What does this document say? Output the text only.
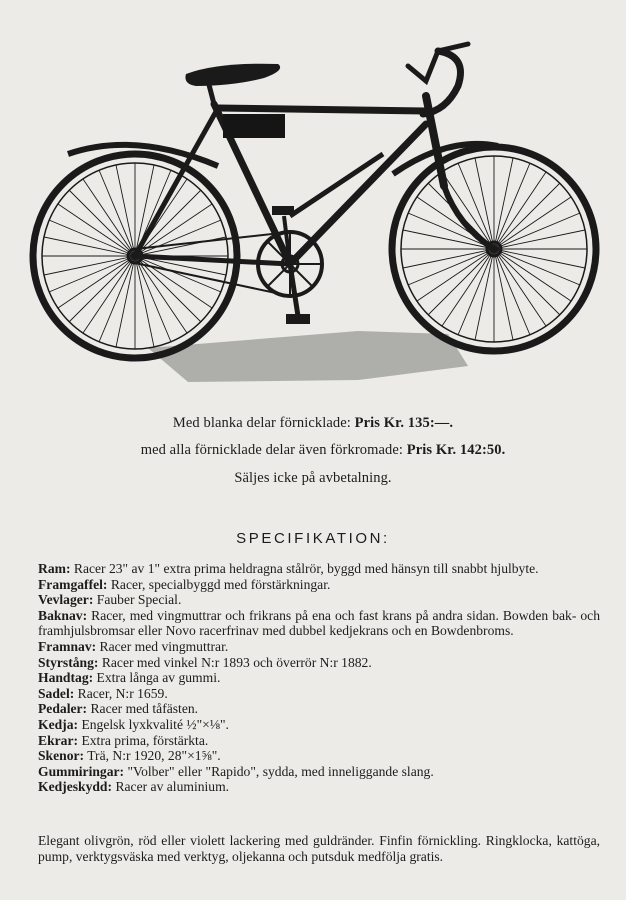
Med blanka delar förnicklade: Pris Kr. 135:—.
med alla förnicklade delar även förkromade: Pris Kr. 142:50.
Säljes icke på avbetalning.
SPECIFIKATION:
Ram: Racer 23" av 1" extra prima heldragna stålrör, byggd med hänsyn till snabbt hjulbyte.
Framgaffel: Racer, specialbyggd med förstärkningar.
Vevlager: Fauber Special.
Baknav: Racer, med vingmuttrar och frikrans på ena och fast krans på andra sidan. Bowden bak- och framhjulsbromsar eller Novo racerfrinav med dubbel kedjekrans och en Bowdenbroms.
Framnav: Racer med vingmuttrar.
Styrstång: Racer med vinkel N:r 1893 och överrör N:r 1882.
Handtag: Extra långa av gummi.
Sadel: Racer, N:r 1659.
Pedaler: Racer med tåfästen.
Kedja: Engelsk lyxkvalité ½"×⅛".
Ekrar: Extra prima, förstärkta.
Skenor: Trä, N:r 1920, 28"×1⅝".
Gummiringar: "Volber" eller "Rapido", sydda, med inneliggande slang.
Kedjeskydd: Racer av aluminium.
Elegant olivgrön, röd eller violett lackering med guldränder. Finfin förnickling. Ringklocka, kattöga, pump, verktygsväska med verktyg, oljekanna och putsduk medfölja gratis.
